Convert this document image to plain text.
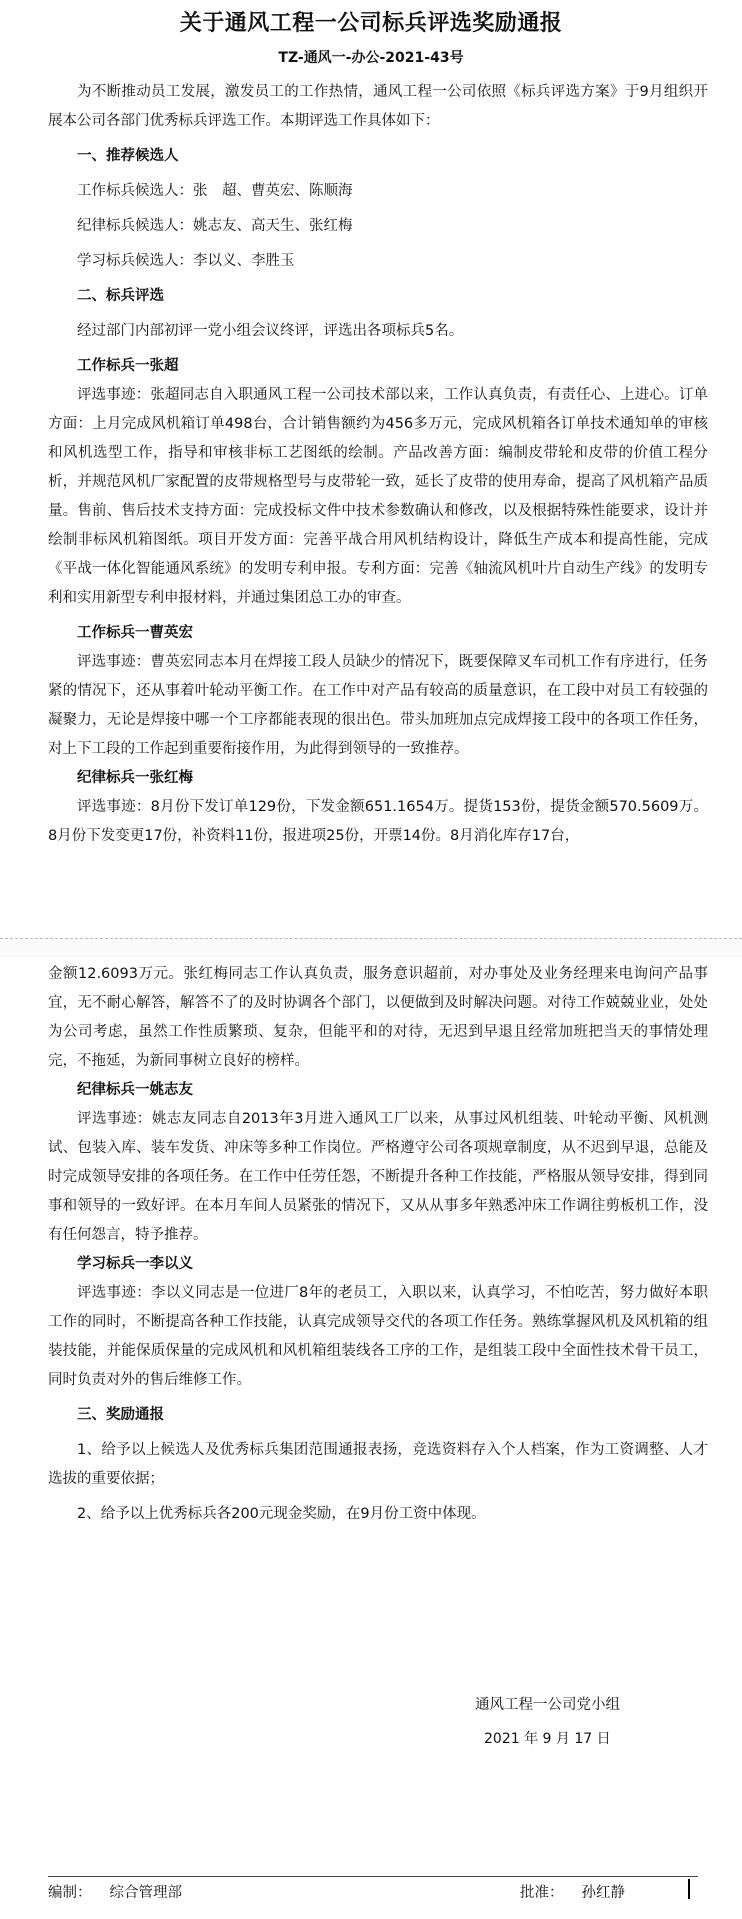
关于通风工程一公司标兵评选奖励通报
TZ-通风一-办公-2021-43号

为不断推动员工发展，激发员工的工作热情，通风工程一公司依照《标兵评选方案》于9月组织开展本公司各部门优秀标兵评选工作。本期评选工作具体如下：

一、推荐候选人

工作标兵候选人：张　超、曹英宏、陈顺海

纪律标兵候选人：姚志友、高天生、张红梅

学习标兵候选人：李以义、李胜玉

二、标兵评选

经过部门内部初评一党小组会议终评，评选出各项标兵5名。

工作标兵一张超

评选事迹：张超同志自入职通风工程一公司技术部以来，工作认真负责，有责任心、上进心。订单方面：上月完成风机箱订单498台，合计销售额约为456多万元，完成风机箱各订单技术通知单的审核和风机选型工作，指导和审核非标工艺图纸的绘制。产品改善方面：编制皮带轮和皮带的价值工程分析，并规范风机厂家配置的皮带规格型号与皮带轮一致，延长了皮带的使用寿命，提高了风机箱产品质量。售前、售后技术支持方面：完成投标文件中技术参数确认和修改，以及根据特殊性能要求，设计并绘制非标风机箱图纸。项目开发方面：完善平战合用风机结构设计，降低生产成本和提高性能，完成《平战一体化智能通风系统》的发明专利申报。专利方面：完善《轴流风机叶片自动生产线》的发明专利和实用新型专利申报材料，并通过集团总工办的审查。

工作标兵一曹英宏

评选事迹：曹英宏同志本月在焊接工段人员缺少的情况下，既要保障叉车司机工作有序进行，任务紧的情况下，还从事着叶轮动平衡工作。在工作中对产品有较高的质量意识，在工段中对员工有较强的凝聚力，无论是焊接中哪一个工序都能表现的很出色。带头加班加点完成焊接工段中的各项工作任务，对上下工段的工作起到重要衔接作用，为此得到领导的一致推荐。

纪律标兵一张红梅

评选事迹：8月份下发订单129份，下发金额651.1654万。提货153份，提货金额570.5609万。8月份下发变更17份，补资料11份，报进项25份，开票14份。8月消化库存17台，

金额12.6093万元。张红梅同志工作认真负责，服务意识超前，对办事处及业务经理来电询问产品事宜，无不耐心解答，解答不了的及时协调各个部门，以便做到及时解决问题。对待工作兢兢业业，处处为公司考虑，虽然工作性质繁琐、复杂，但能平和的对待，无迟到早退且经常加班把当天的事情处理完，不拖延，为新同事树立良好的榜样。

纪律标兵一姚志友

评选事迹：姚志友同志自2013年3月进入通风工厂以来，从事过风机组装、叶轮动平衡、风机测试、包装入库、装车发货、冲床等多种工作岗位。严格遵守公司各项规章制度，从不迟到早退，总能及时完成领导安排的各项任务。在工作中任劳任怨，不断提升各种工作技能，严格服从领导安排，得到同事和领导的一致好评。在本月车间人员紧张的情况下，又从从事多年熟悉冲床工作调往剪板机工作，没有任何怨言，特予推荐。

学习标兵一李以义

评选事迹：李以义同志是一位进厂8年的老员工，入职以来，认真学习，不怕吃苦，努力做好本职工作的同时，不断提高各种工作技能，认真完成领导交代的各项工作任务。熟练掌握风机及风机箱的组装技能，并能保质保量的完成风机和风机箱组装线各工序的工作，是组装工段中全面性技术骨干员工，同时负责对外的售后维修工作。

三、奖励通报

1、给予以上候选人及优秀标兵集团范围通报表扬，竞选资料存入个人档案，作为工资调整、人才选拔的重要依据；

2、给予以上优秀标兵各200元现金奖励，在9月份工资中体现。

通风工程一公司党小组
2021 年 9 月 17 日
编制： 综合管理部	批准： 孙红静
